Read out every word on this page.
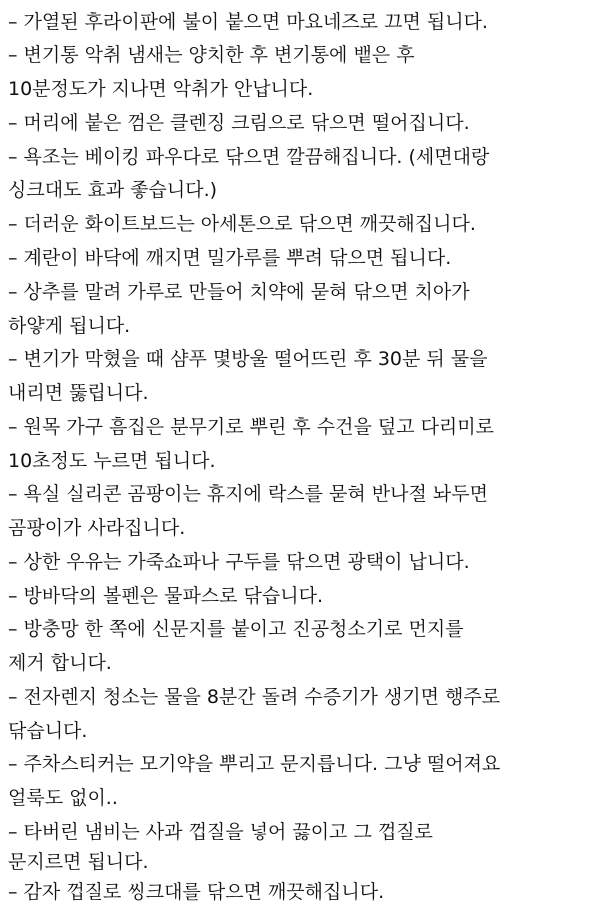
– 가열된 후라이판에 불이 붙으면 마요네즈로 끄면 됩니다.
– 변기통 악취 냄새는 양치한 후 변기통에 뱉은 후
10분정도가 지나면 악취가 안납니다.
– 머리에 붙은 껌은 클렌징 크림으로 닦으면 떨어집니다.
– 욕조는 베이킹 파우다로 닦으면 깔끔해집니다. (세면대랑
싱크대도 효과 좋습니다.)
– 더러운 화이트보드는 아세톤으로 닦으면 깨끗해집니다.
– 계란이 바닥에 깨지면 밀가루를 뿌려 닦으면 됩니다.
– 상추를 말려 가루로 만들어 치약에 묻혀 닦으면 치아가
하얗게 됩니다.
– 변기가 막혔을 때 샴푸 몇방울 떨어뜨린 후 30분 뒤 물을
내리면 뚫립니다.
– 원목 가구 흠집은 분무기로 뿌린 후 수건을 덮고 다리미로
10초정도 누르면 됩니다.
– 욕실 실리콘 곰팡이는 휴지에 락스를 묻혀 반나절 놔두면
곰팡이가 사라집니다.
– 상한 우유는 가죽쇼파나 구두를 닦으면 광택이 납니다.
– 방바닥의 볼펜은 물파스로 닦습니다.
– 방충망 한 쪽에 신문지를 붙이고 진공청소기로 먼지를
제거 합니다.
– 전자렌지 청소는 물을 8분간 돌려 수증기가 생기면 행주로
닦습니다.
– 주차스티커는 모기약을 뿌리고 문지릅니다. 그냥 떨어져요
얼룩도 없이..
– 타버린 냄비는 사과 껍질을 넣어 끓이고 그 껍질로
문지르면 됩니다.
– 감자 껍질로 씽크대를 닦으면 깨끗해집니다.
